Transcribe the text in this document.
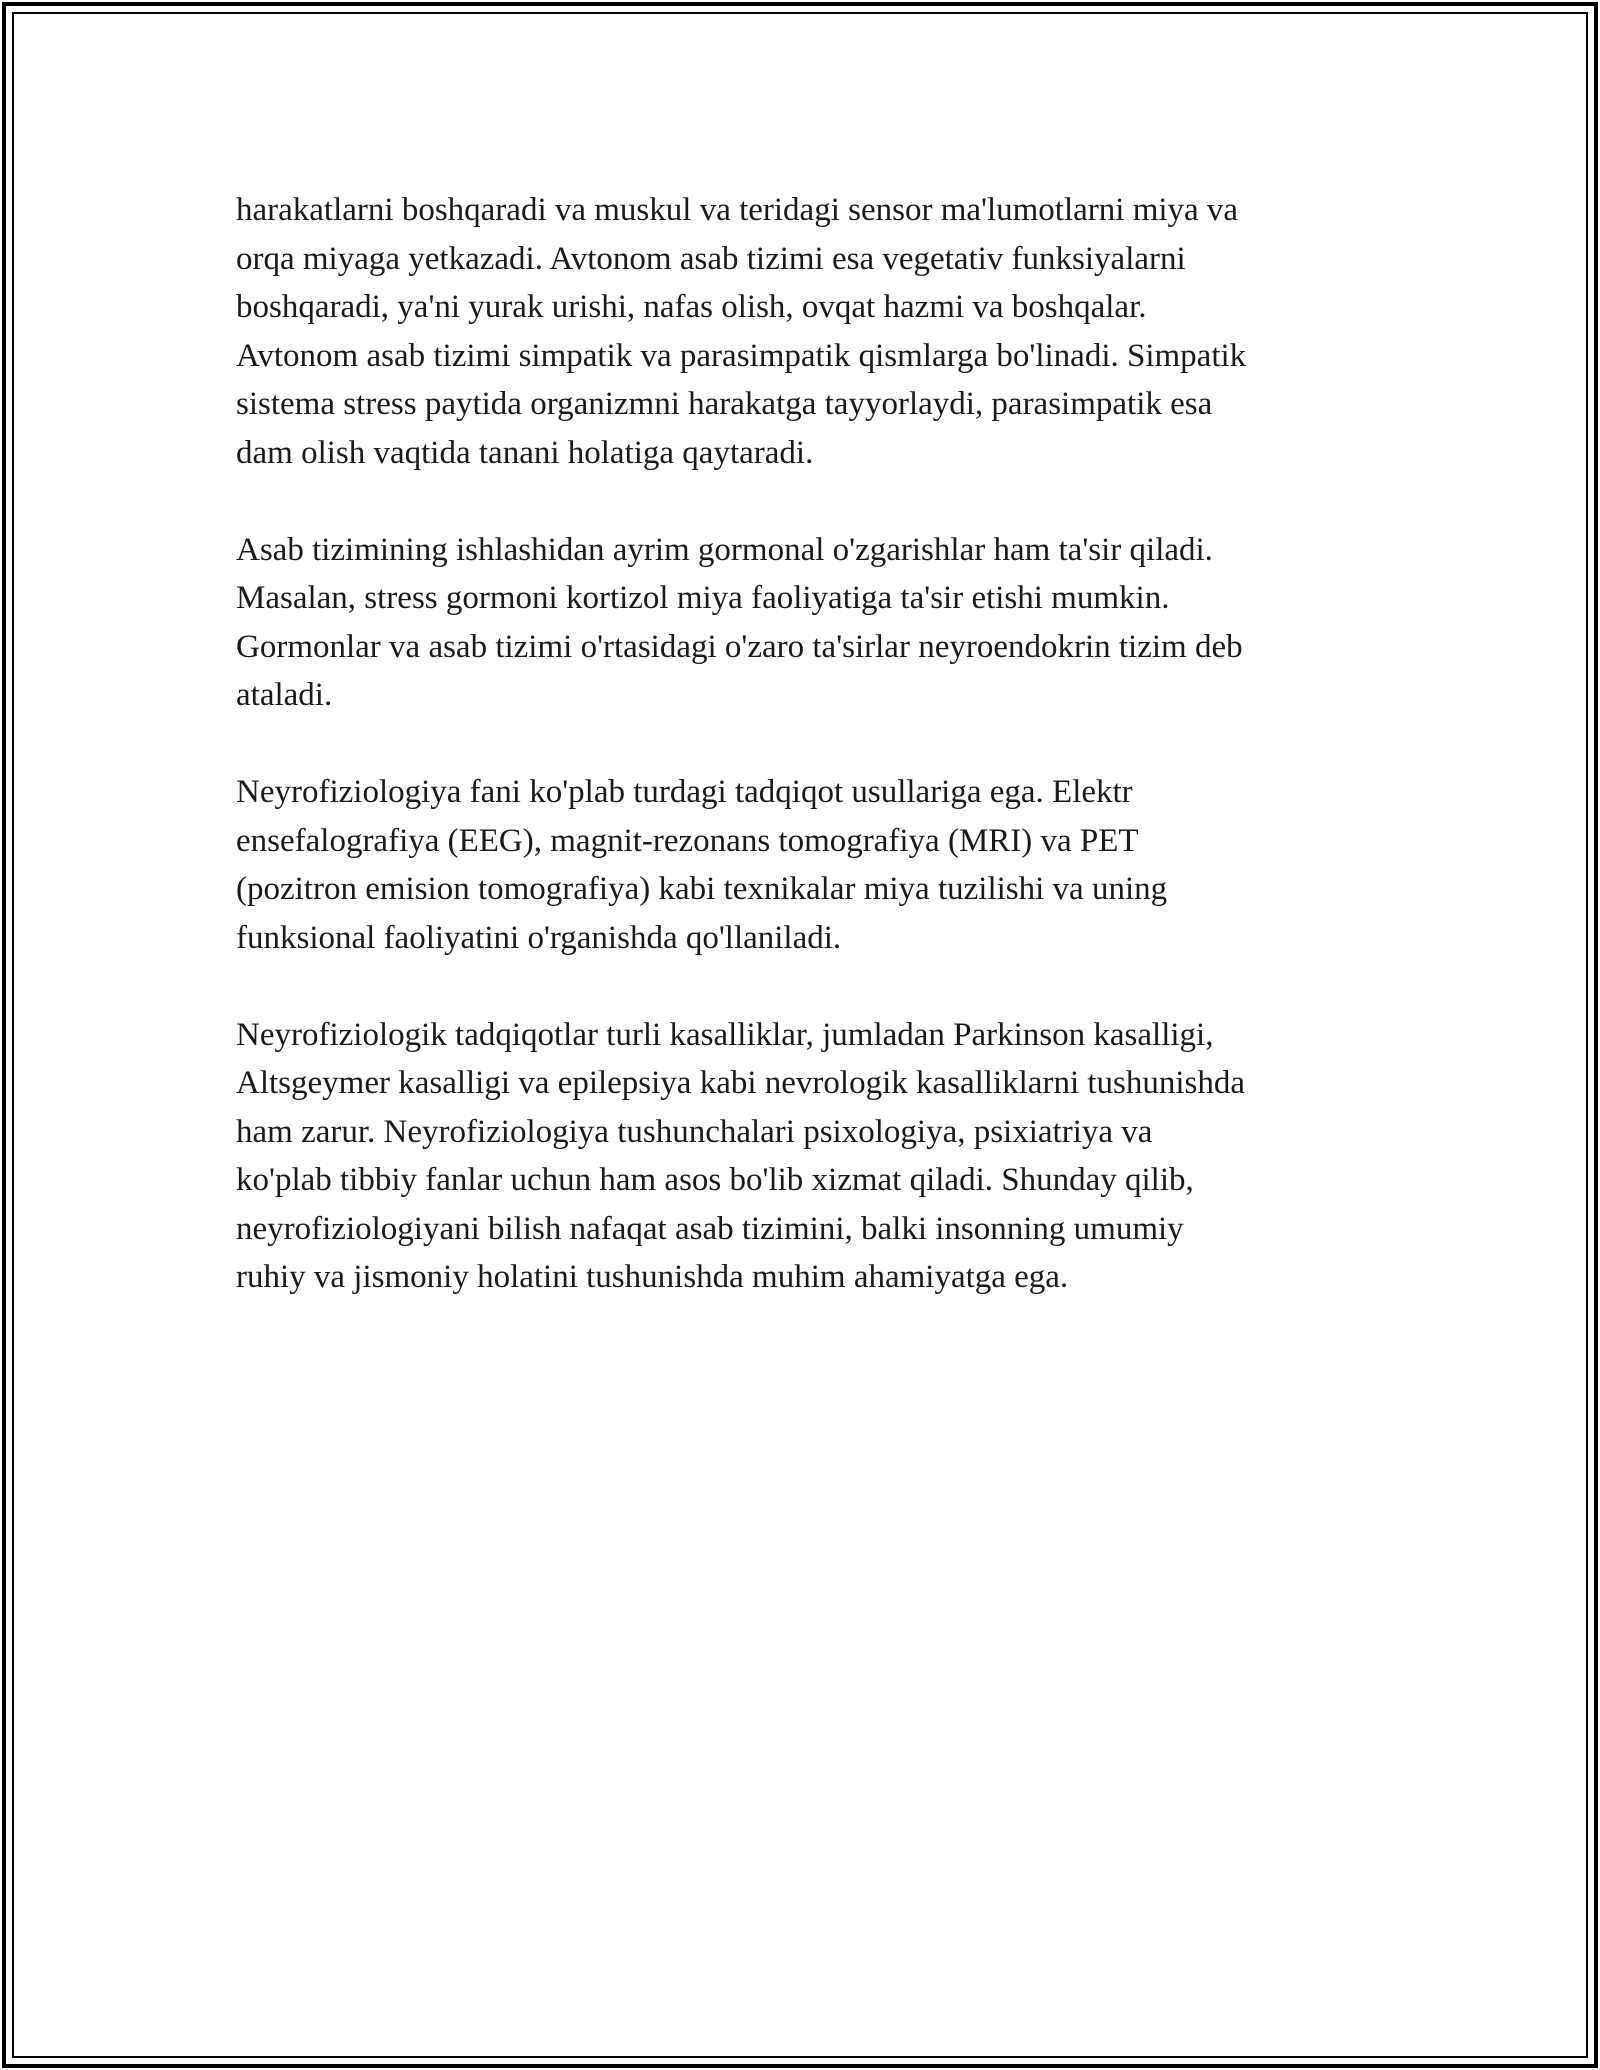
harakatlarni boshqaradi va muskul va teridagi sensor ma'lumotlarni miya va
orqa miyaga yetkazadi. Avtonom asab tizimi esa vegetativ funksiyalarni
boshqaradi, ya'ni yurak urishi, nafas olish, ovqat hazmi va boshqalar.
Avtonom asab tizimi simpatik va parasimpatik qismlarga bo'linadi. Simpatik
sistema stress paytida organizmni harakatga tayyorlaydi, parasimpatik esa
dam olish vaqtida tanani holatiga qaytaradi.

Asab tizimining ishlashidan ayrim gormonal o'zgarishlar ham ta'sir qiladi.
Masalan, stress gormoni kortizol miya faoliyatiga ta'sir etishi mumkin.
Gormonlar va asab tizimi o'rtasidagi o'zaro ta'sirlar neyroendokrin tizim deb
ataladi.

Neyrofiziologiya fani ko'plab turdagi tadqiqot usullariga ega. Elektr
ensefalografiya (EEG), magnit-rezonans tomografiya (MRI) va PET
(pozitron emision tomografiya) kabi texnikalar miya tuzilishi va uning
funksional faoliyatini o'rganishda qo'llaniladi.

Neyrofiziologik tadqiqotlar turli kasalliklar, jumladan Parkinson kasalligi,
Altsgeymer kasalligi va epilepsiya kabi nevrologik kasalliklarni tushunishda
ham zarur. Neyrofiziologiya tushunchalari psixologiya, psixiatriya va
ko'plab tibbiy fanlar uchun ham asos bo'lib xizmat qiladi. Shunday qilib,
neyrofiziologiyani bilish nafaqat asab tizimini, balki insonning umumiy
ruhiy va jismoniy holatini tushunishda muhim ahamiyatga ega.
